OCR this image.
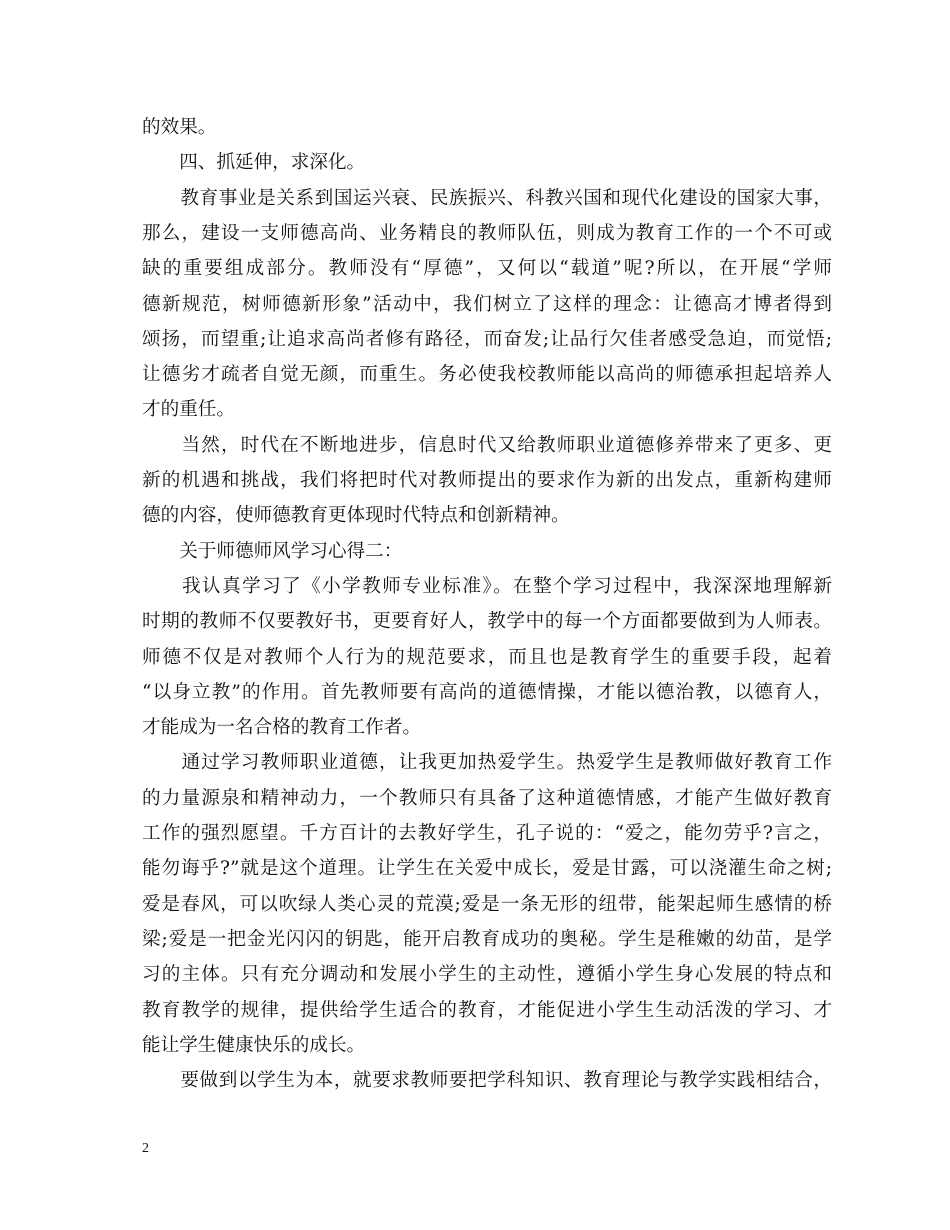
的效果。
　　四、抓延伸，求深化。
　　教育事业是关系到国运兴衰、民族振兴、科教兴国和现代化建设的国家大事，
那么，建设一支师德高尚、业务精良的教师队伍，则成为教育工作的一个不可或
缺的重要组成部分。教师没有“厚德”，又何以“载道”呢?所以，在开展“学师
德新规范，树师德新形象”活动中，我们树立了这样的理念：让德高才博者得到
颂扬，而望重;让追求高尚者修有路径，而奋发;让品行欠佳者感受急迫，而觉悟;
让德劣才疏者自觉无颜，而重生。务必使我校教师能以高尚的师德承担起培养人
才的重任。
　　当然，时代在不断地进步，信息时代又给教师职业道德修养带来了更多、更
新的机遇和挑战，我们将把时代对教师提出的要求作为新的出发点，重新构建师
德的内容，使师德教育更体现时代特点和创新精神。
　　关于师德师风学习心得二：
　　我认真学习了《小学教师专业标准》。在整个学习过程中，我深深地理解新
时期的教师不仅要教好书，更要育好人，教学中的每一个方面都要做到为人师表。
师德不仅是对教师个人行为的规范要求，而且也是教育学生的重要手段，起着
“以身立教”的作用。首先教师要有高尚的道德情操，才能以德治教，以德育人，
才能成为一名合格的教育工作者。
　　通过学习教师职业道德，让我更加热爱学生。热爱学生是教师做好教育工作
的力量源泉和精神动力，一个教师只有具备了这种道德情感，才能产生做好教育
工作的强烈愿望。千方百计的去教好学生，孔子说的：“爱之，能勿劳乎?言之，
能勿诲乎?”就是这个道理。让学生在关爱中成长，爱是甘露，可以浇灌生命之树;
爱是春风，可以吹绿人类心灵的荒漠;爱是一条无形的纽带，能架起师生感情的桥
梁;爱是一把金光闪闪的钥匙，能开启教育成功的奥秘。学生是稚嫩的幼苗，是学
习的主体。只有充分调动和发展小学生的主动性，遵循小学生身心发展的特点和
教育教学的规律，提供给学生适合的教育，才能促进小学生生动活泼的学习、才
能让学生健康快乐的成长。
　　要做到以学生为本，就要求教师要把学科知识、教育理论与教学实践相结合，
2
